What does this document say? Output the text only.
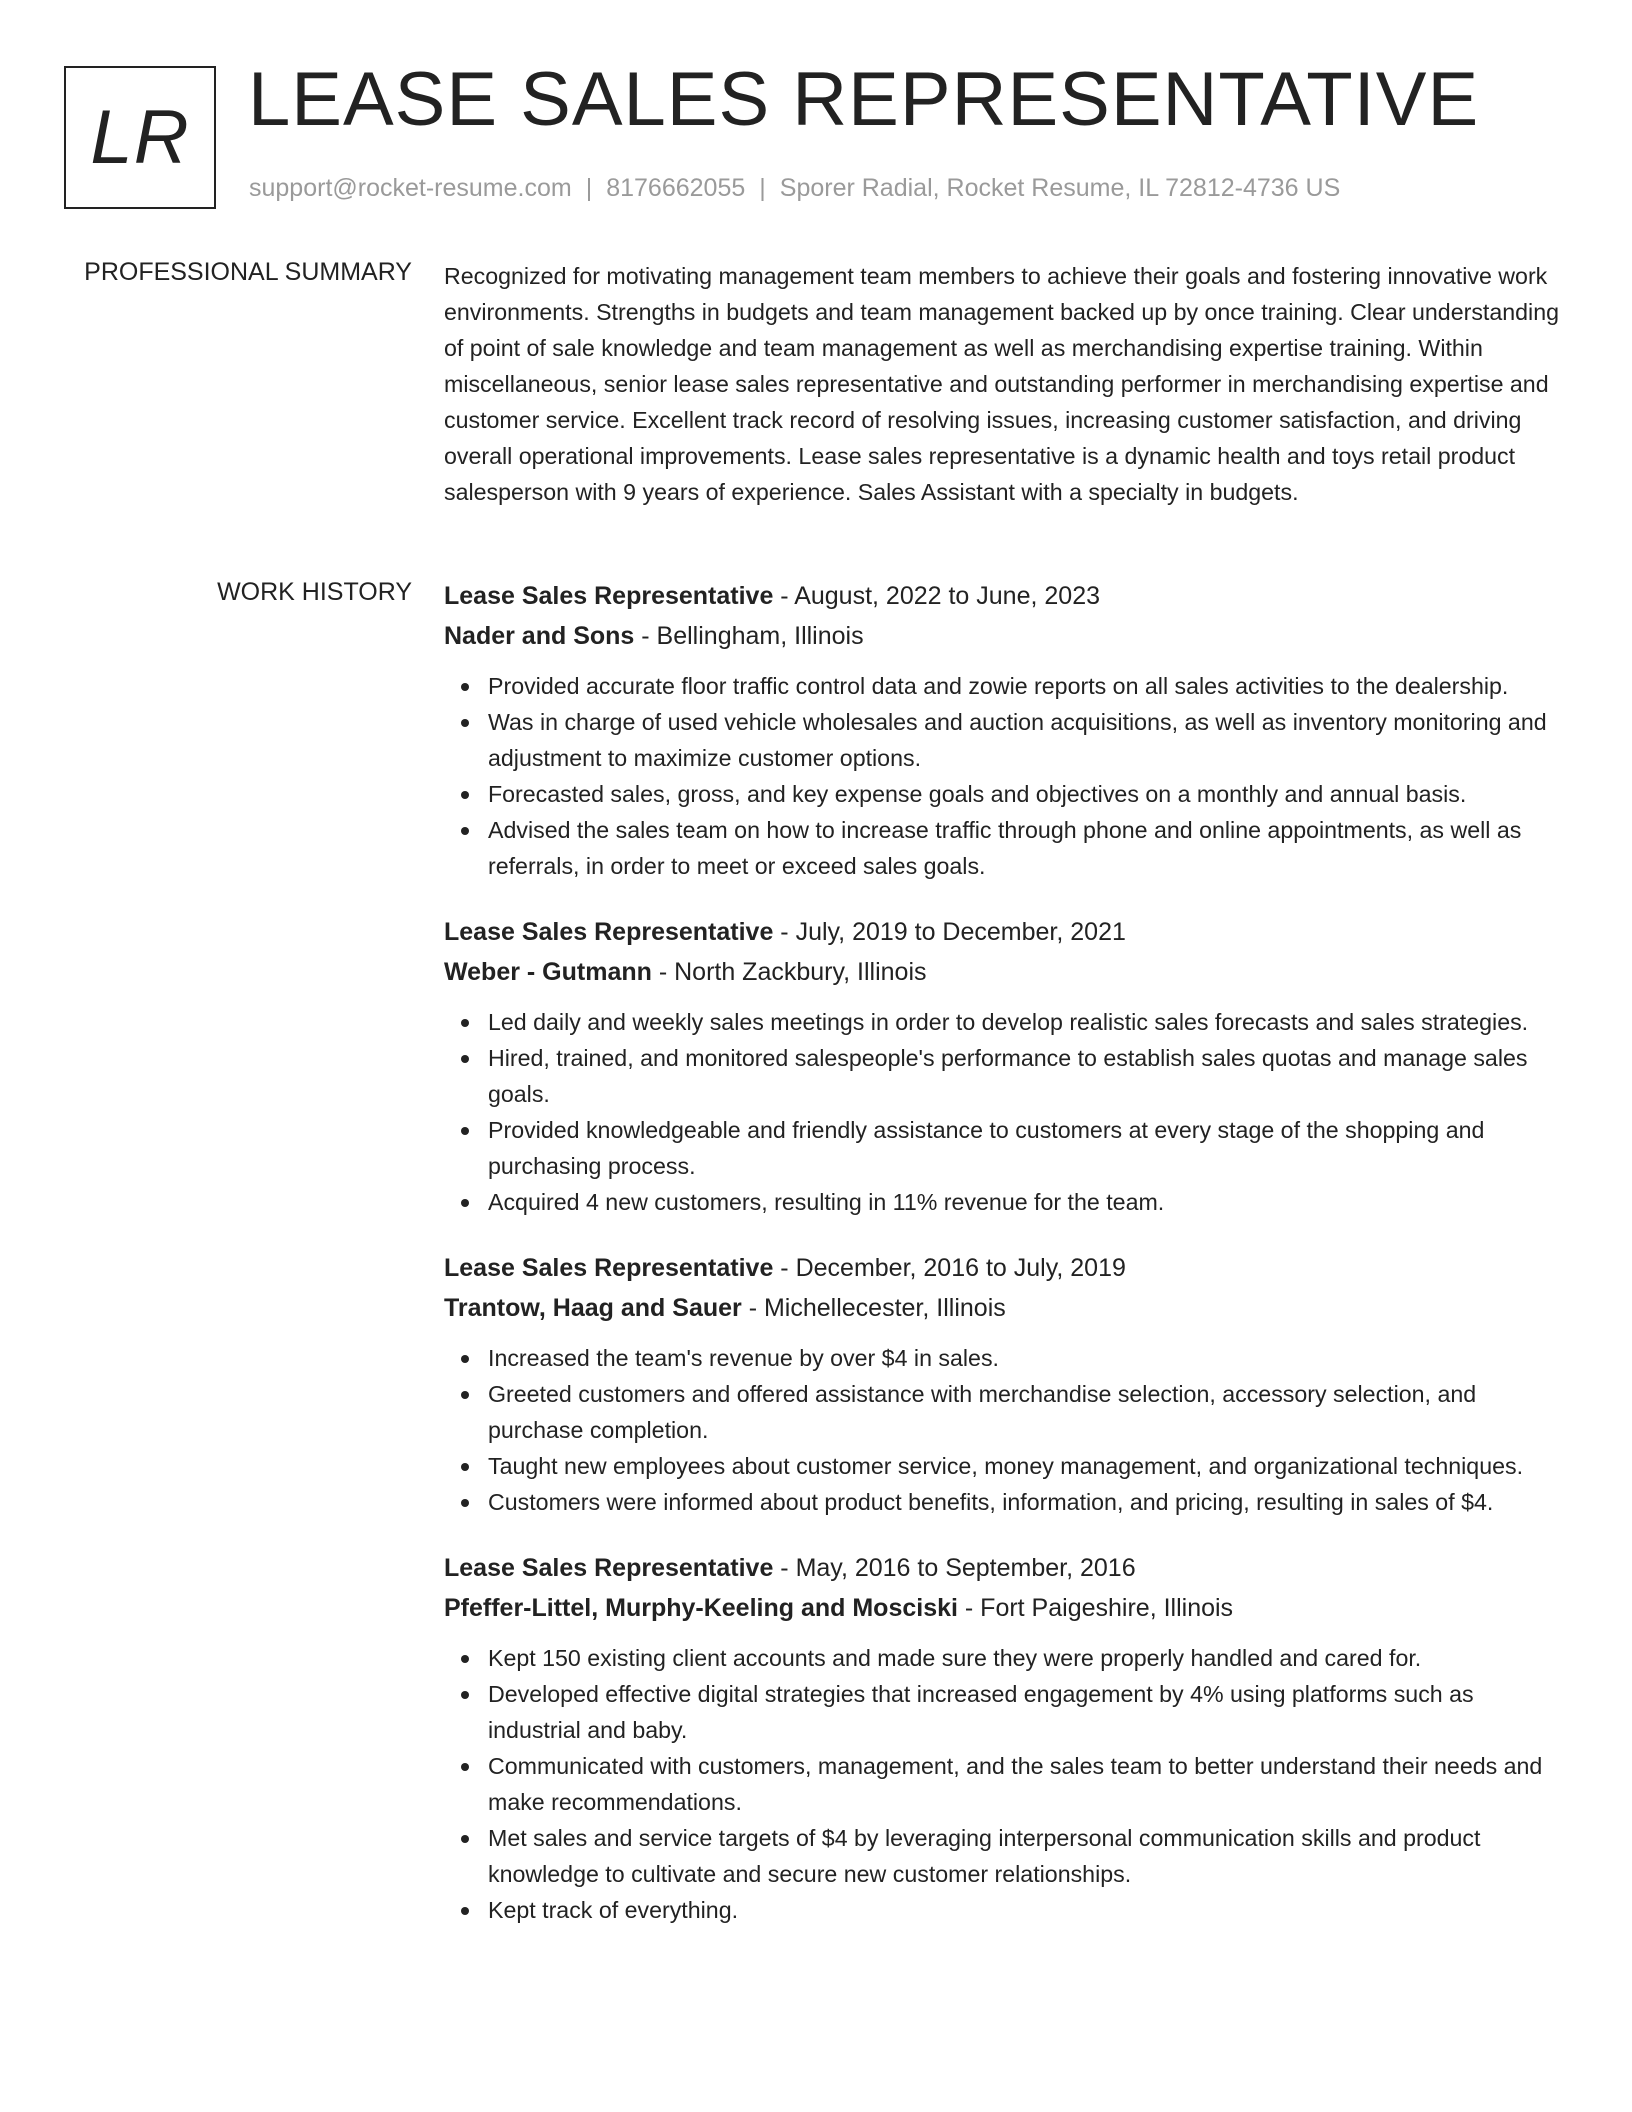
LR LEASE SALES REPRESENTATIVE
support@rocket-resume.com | 8176662055 | Sporer Radial, Rocket Resume, IL 72812-4736 US
PROFESSIONAL SUMMARY Recognized for motivating management team members to achieve their goals and fostering innovative work environments. Strengths in budgets and team management backed up by once training. Clear understanding of point of sale knowledge and team management as well as merchandising expertise training. Within miscellaneous, senior lease sales representative and outstanding performer in merchandising expertise and customer service. Excellent track record of resolving issues, increasing customer satisfaction, and driving overall operational improvements. Lease sales representative is a dynamic health and toys retail product salesperson with 9 years of experience. Sales Assistant with a specialty in budgets.

WORK HISTORY Lease Sales Representative - August, 2022 to June, 2023
Nader and Sons - Bellingham, Illinois
Provided accurate floor traffic control data and zowie reports on all sales activities to the dealership.
Was in charge of used vehicle wholesales and auction acquisitions, as well as inventory monitoring and adjustment to maximize customer options.
Forecasted sales, gross, and key expense goals and objectives on a monthly and annual basis.
Advised the sales team on how to increase traffic through phone and online appointments, as well as referrals, in order to meet or exceed sales goals.
Lease Sales Representative - July, 2019 to December, 2021
Weber - Gutmann - North Zackbury, Illinois
Led daily and weekly sales meetings in order to develop realistic sales forecasts and sales strategies.
Hired, trained, and monitored salespeople's performance to establish sales quotas and manage sales goals.
Provided knowledgeable and friendly assistance to customers at every stage of the shopping and purchasing process.
Acquired 4 new customers, resulting in 11% revenue for the team.
Lease Sales Representative - December, 2016 to July, 2019
Trantow, Haag and Sauer - Michellecester, Illinois
Increased the team's revenue by over $4 in sales.
Greeted customers and offered assistance with merchandise selection, accessory selection, and purchase completion.
Taught new employees about customer service, money management, and organizational techniques.
Customers were informed about product benefits, information, and pricing, resulting in sales of $4.
Lease Sales Representative - May, 2016 to September, 2016
Pfeffer-Littel, Murphy-Keeling and Mosciski - Fort Paigeshire, Illinois
Kept 150 existing client accounts and made sure they were properly handled and cared for.
Developed effective digital strategies that increased engagement by 4% using platforms such as industrial and baby.
Communicated with customers, management, and the sales team to better understand their needs and make recommendations.
Met sales and service targets of $4 by leveraging interpersonal communication skills and product knowledge to cultivate and secure new customer relationships.
Kept track of everything.
